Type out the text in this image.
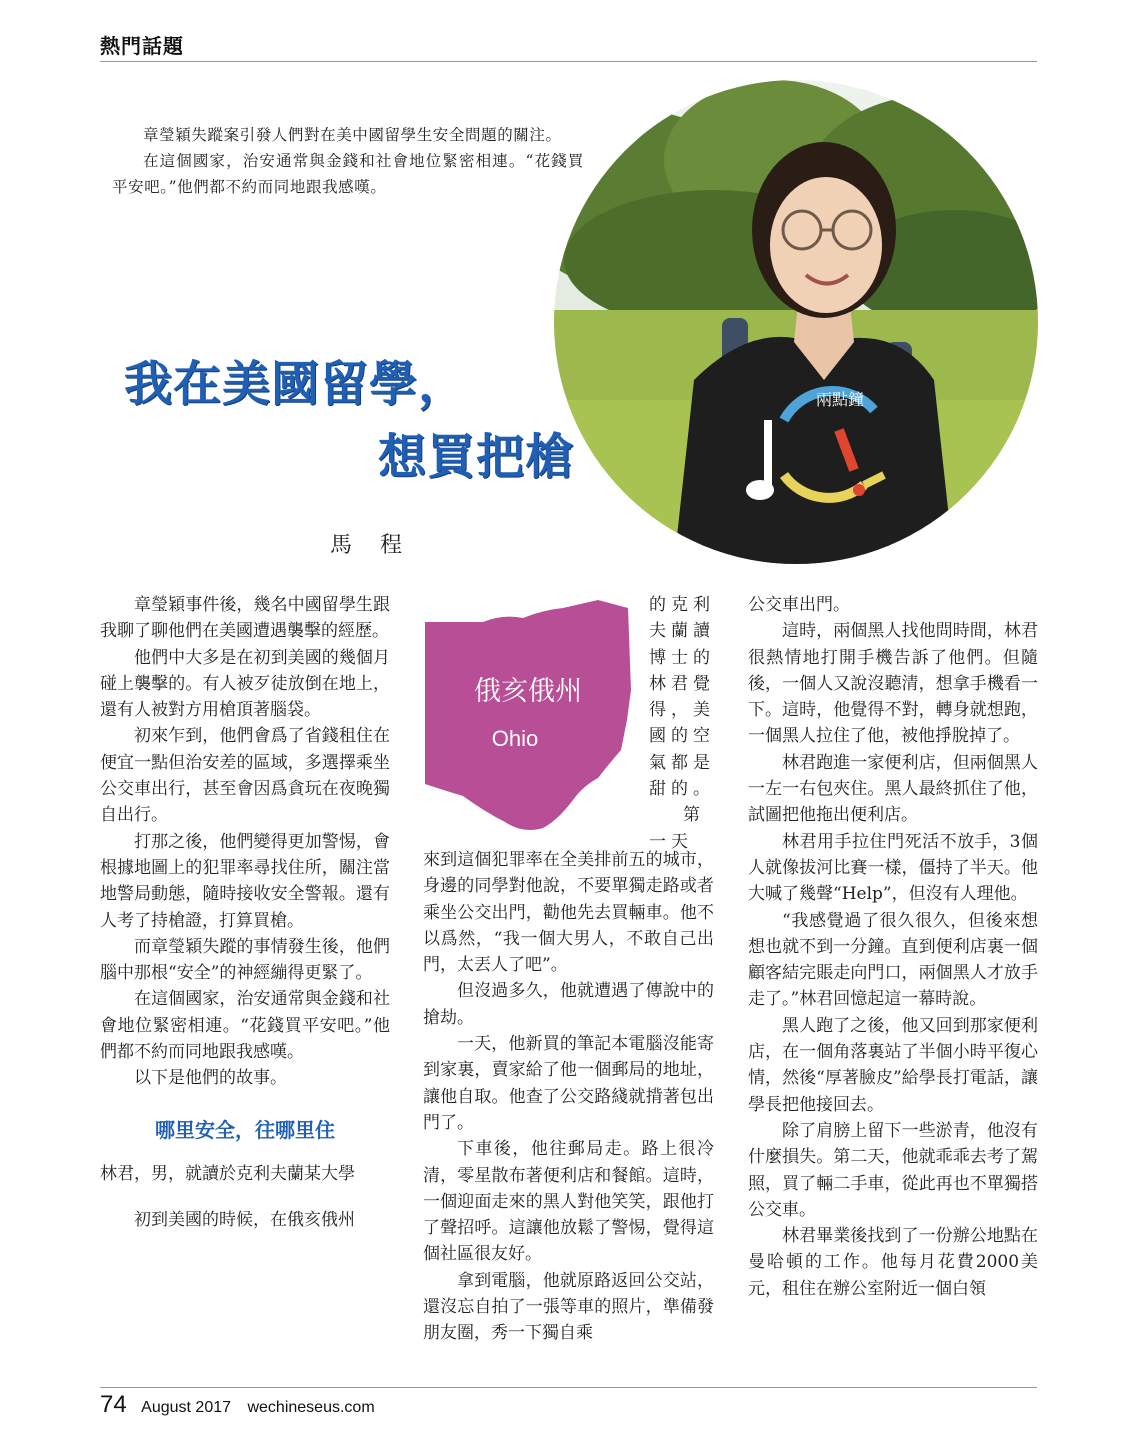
熱門話題

章瑩穎失蹤案引發人們對在美中國留學生安全問題的關注。

在這個國家，治安通常與金錢和社會地位緊密相連。“花錢買平安吧。”他們都不約而同地跟我感嘆。

兩點鐘
我在美國留學，
想買把槍
馬程

章瑩穎事件後，幾名中國留學生跟我聊了聊他們在美國遭遇襲擊的經歷。

他們中大多是在初到美國的幾個月碰上襲擊的。有人被歹徒放倒在地上，還有人被對方用槍頂著腦袋。

初來乍到，他們會爲了省錢租住在便宜一點但治安差的區域，多選擇乘坐公交車出行，甚至會因爲貪玩在夜晚獨自出行。

打那之後，他們變得更加警惕，會根據地圖上的犯罪率尋找住所，關注當地警局動態，隨時接收安全警報。還有人考了持槍證，打算買槍。

而章瑩穎失蹤的事情發生後，他們腦中那根“安全”的神經繃得更緊了。

在這個國家，治安通常與金錢和社會地位緊密相連。“花錢買平安吧。”他們都不約而同地跟我感嘆。

以下是他們的故事。

哪里安全，往哪里住

林君，男，就讀於克利夫蘭某大學

初到美國的時候，在俄亥俄州

俄亥俄州
Ohio

的克利夫蘭讀博士的林君覺得，美國的空氣都是甜的。

第一天

來到這個犯罪率在全美排前五的城市，身邊的同學對他說，不要單獨走路或者乘坐公交出門，勸他先去買輛車。他不以爲然，“我一個大男人，不敢自己出門，太丟人了吧”。

但沒過多久，他就遭遇了傳說中的搶劫。

一天，他新買的筆記本電腦沒能寄到家裏，賣家給了他一個郵局的地址，讓他自取。他查了公交路綫就揹著包出門了。

下車後，他往郵局走。路上很冷清，零星散布著便利店和餐館。這時，一個迎面走來的黑人對他笑笑，跟他打了聲招呼。這讓他放鬆了警惕，覺得這個社區很友好。

拿到電腦，他就原路返回公交站，還沒忘自拍了一張等車的照片，準備發朋友圈，秀一下獨自乘

公交車出門。

這時，兩個黑人找他問時間，林君很熱情地打開手機告訴了他們。但隨後，一個人又說沒聽清，想拿手機看一下。這時，他覺得不對，轉身就想跑，一個黑人拉住了他，被他掙脫掉了。

林君跑進一家便利店，但兩個黑人一左一右包夾住。黑人最終抓住了他，試圖把他拖出便利店。

林君用手拉住門死活不放手，3個人就像拔河比賽一樣，僵持了半天。他大喊了幾聲“Help”，但沒有人理他。

“我感覺過了很久很久，但後來想想也就不到一分鐘。直到便利店裏一個顧客結完賬走向門口，兩個黑人才放手走了。”林君回憶起這一幕時說。

黑人跑了之後，他又回到那家便利店，在一個角落裏站了半個小時平復心情，然後“厚著臉皮”給學長打電話，讓學長把他接回去。

除了肩膀上留下一些淤青，他沒有什麼損失。第二天，他就乖乖去考了駕照，買了輛二手車，從此再也不單獨搭公交車。

林君畢業後找到了一份辦公地點在曼哈頓的工作。他每月花費2000美元，租住在辦公室附近一個白領

74 August 2017 wechineseus.com
